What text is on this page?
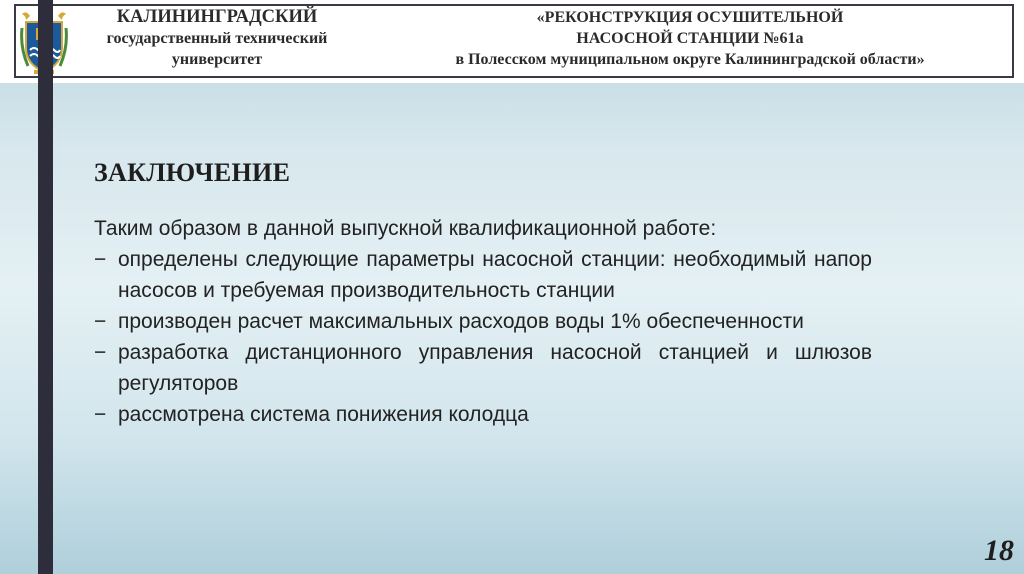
КАЛИНИНГРАДСКИЙ
государственный технический
университет
«РЕКОНСТРУКЦИЯ ОСУШИТЕЛЬНОЙ
НАСОСНОЙ СТАНЦИИ №61а
в Полесском муниципальном округе Калининградской области»
ЗАКЛЮЧЕНИЕ

Таким образом в данной выпускной квалификационной работе:

− определены следующие параметры насосной станции: необходимый напор насосов и требуемая производительность станции
− производен расчет максимальных расходов воды 1% обеспеченности
− разработка дистанционного управления насосной станцией и шлюзов регуляторов
− рассмотрена система понижения колодца
18
